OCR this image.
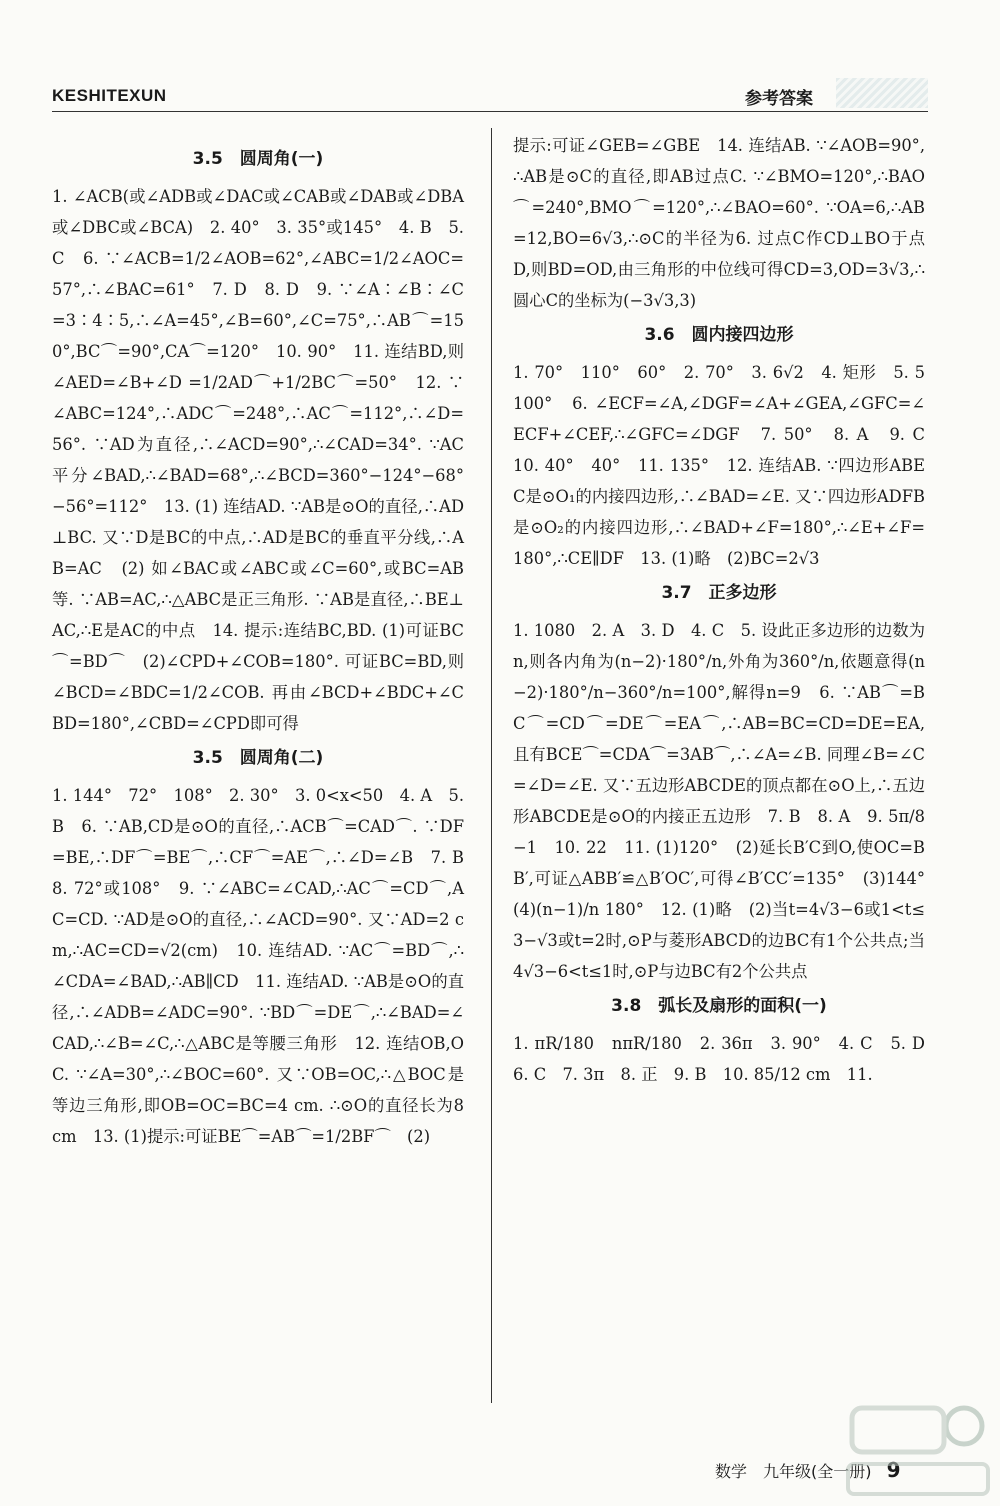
KESHITEXUN	参考答案
3.5　圆周角(一)

1. ∠ACB(或∠ADB或∠DAC或∠CAB或∠DAB或∠DBA或∠DBC或∠BCA)　2. 40°　3. 35°或145°　4. B　5. C　6. ∵∠ACB=1/2∠AOB=62°,∠ABC=1/2∠AOC=57°,∴∠BAC=61°　7. D　8. D　9. ∵∠A∶∠B∶∠C=3∶4∶5,∴∠A=45°,∠B=60°,∠C=75°,∴AB⌒=150°,BC⌒=90°,CA⌒=120°　10. 90°　11. 连结BD,则∠AED=∠B+∠D =1/2AD⌒+1/2BC⌒=50°　12. ∵∠ABC=124°,∴ADC⌒=248°,∴AC⌒=112°,∴∠D=56°. ∵AD为直径,∴∠ACD=90°,∴∠CAD=34°. ∵AC平分∠BAD,∴∠BAD=68°,∴∠BCD=360°−124°−68°−56°=112°　13. (1) 连结AD. ∵AB是⊙O的直径,∴AD⊥BC. 又∵D是BC的中点,∴AD是BC的垂直平分线,∴AB=AC　(2) 如∠BAC或∠ABC或∠C=60°,或BC=AB等. ∵AB=AC,∴△ABC是正三角形. ∵AB是直径,∴BE⊥AC,∴E是AC的中点　14. 提示:连结BC,BD. (1)可证BC⌒=BD⌒　(2)∠CPD+∠COB=180°. 可证BC=BD,则∠BCD=∠BDC=1/2∠COB. 再由∠BCD+∠BDC+∠CBD=180°,∠CBD=∠CPD即可得

3.5　圆周角(二)

1. 144°　72°　108°　2. 30°　3. 0<x<50　4. A　5. B　6. ∵AB,CD是⊙O的直径,∴ACB⌒=CAD⌒. ∵DF=BE,∴DF⌒=BE⌒,∴CF⌒=AE⌒,∴∠D=∠B　7. B　8. 72°或108°　9. ∵∠ABC=∠CAD,∴AC⌒=CD⌒,AC=CD. ∵AD是⊙O的直径,∴∠ACD=90°. 又∵AD=2 cm,∴AC=CD=√2(cm)　10. 连结AD. ∵AC⌒=BD⌒,∴∠CDA=∠BAD,∴AB∥CD　11. 连结AD. ∵AB是⊙O的直径,∴∠ADB=∠ADC=90°. ∵BD⌒=DE⌒,∴∠BAD=∠CAD,∴∠B=∠C,∴△ABC是等腰三角形　12. 连结OB,OC. ∵∠A=30°,∴∠BOC=60°. 又∵OB=OC,∴△BOC是等边三角形,即OB=OC=BC=4 cm. ∴⊙O的直径长为8 cm　13. (1)提示:可证BE⌒=AB⌒=1/2BF⌒　(2)

提示:可证∠GEB=∠GBE　14. 连结AB. ∵∠AOB=90°,∴AB是⊙C的直径,即AB过点C. ∵∠BMO=120°,∴BAO⌒=240°,BMO⌒=120°,∴∠BAO=60°. ∵OA=6,∴AB=12,BO=6√3,∴⊙C的半径为6. 过点C作CD⊥BO于点D,则BD=OD,由三角形的中位线可得CD=3,OD=3√3,∴圆心C的坐标为(−3√3,3)

3.6　圆内接四边形

1. 70°　110°　60°　2. 70°　3. 6√2　4. 矩形　5. 5　100°　6. ∠ECF=∠A,∠DGF=∠A+∠GEA,∠GFC=∠ECF+∠CEF,∴∠GFC=∠DGF　7. 50°　8. A　9. C　10. 40°　40°　11. 135°　12. 连结AB. ∵四边形ABEC是⊙O₁的内接四边形,∴∠BAD=∠E. 又∵四边形ADFB是⊙O₂的内接四边形,∴∠BAD+∠F=180°,∴∠E+∠F=180°,∴CE∥DF　13. (1)略　(2)BC=2√3

3.7　正多边形

1. 1080　2. A　3. D　4. C　5. 设此正多边形的边数为n,则各内角为(n−2)·180°/n,外角为360°/n,依题意得(n−2)·180°/n−360°/n=100°,解得n=9　6. ∵AB⌒=BC⌒=CD⌒=DE⌒=EA⌒,∴AB=BC=CD=DE=EA,且有BCE⌒=CDA⌒=3AB⌒,∴∠A=∠B. 同理∠B=∠C=∠D=∠E. 又∵五边形ABCDE的顶点都在⊙O上,∴五边形ABCDE是⊙O的内接正五边形　7. B　8. A　9. 5π/8−1　10. 22　11. (1)120°　(2)延长B′C到O,使OC=BB′,可证△ABB′≌△B′OC′,可得∠B′CC′=135°　(3)144°　(4)(n−1)/n 180°　12. (1)略　(2)当t=4√3−6或1<t≤3−√3或t=2时,⊙P与菱形ABCD的边BC有1个公共点;当4√3−6<t≤1时,⊙P与边BC有2个公共点

3.8　弧长及扇形的面积(一)

1. πR/180　nπR/180　2. 36π　3. 90°　4. C　5. D　6. C　7. 3π　8. 正　9. B　10. 85/12 cm　11.

数学　九年级(全一册) 9
